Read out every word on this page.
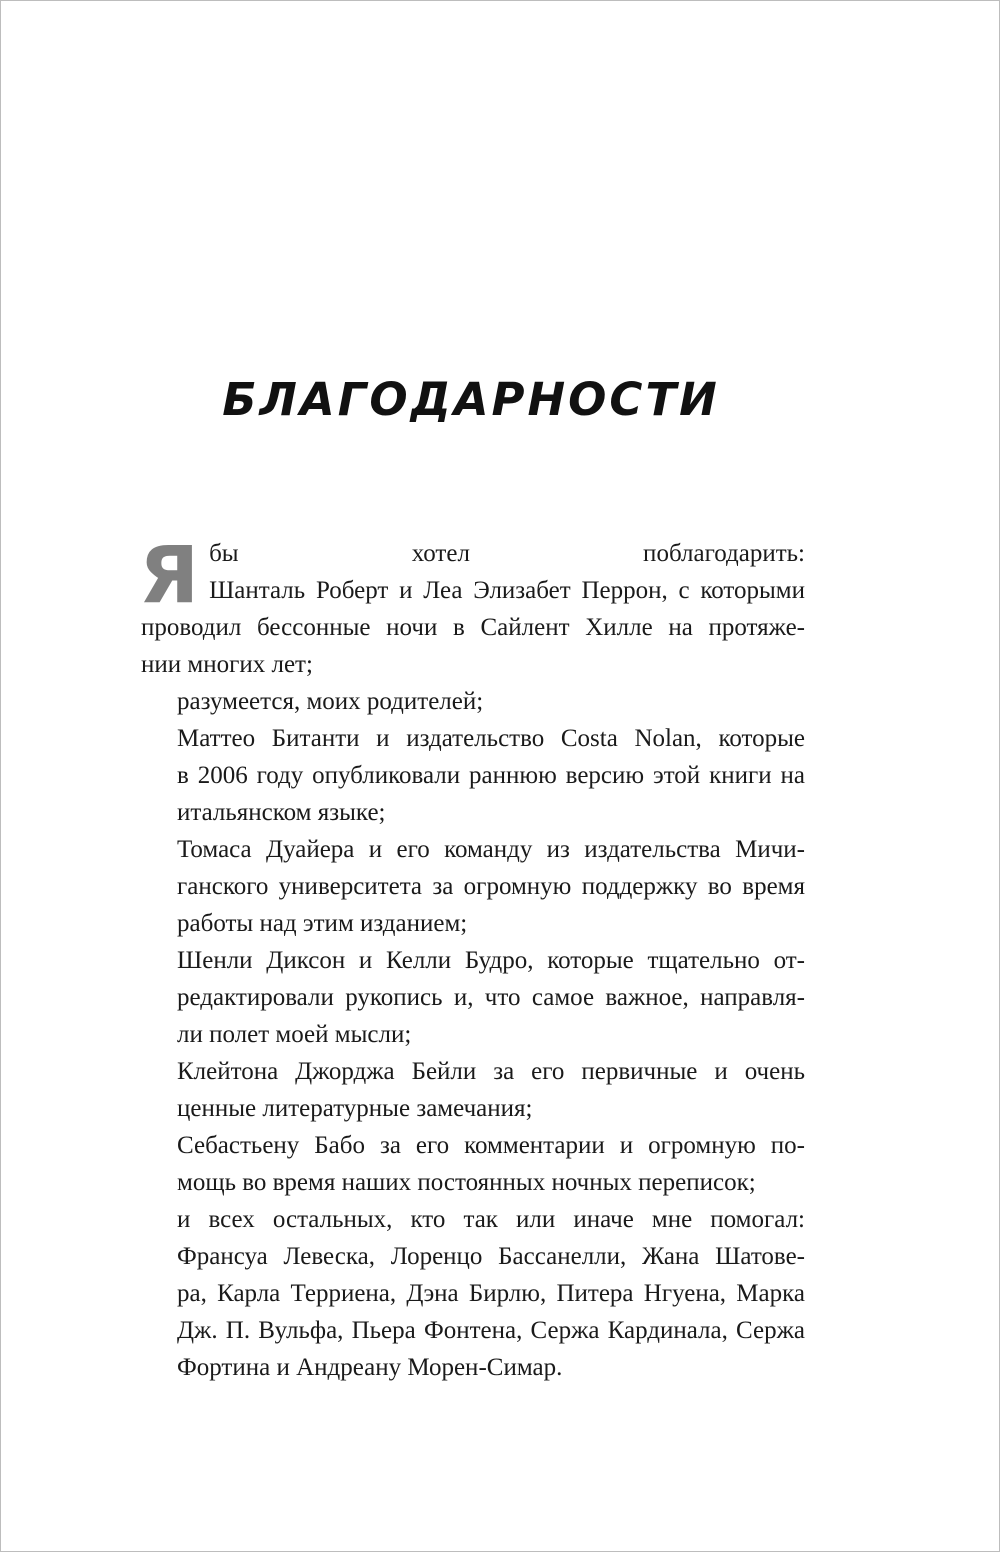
БЛАГОДАРНОСТИ

Я бы хотел поблагодарить:
Шанталь Роберт и Леа Элизабет Перрон, с которыми
проводил бессонные ночи в Сайлент Хилле на протяже-
нии многих лет;

разумеется, моих родителей;

Маттео Битанти и издательство Costa Nolan, которые
в 2006 году опубликовали раннюю версию этой книги на
итальянском языке;

Томаса Дуайера и его команду из издательства Мичи-
ганского университета за огромную поддержку во время
работы над этим изданием;

Шенли Диксон и Келли Будро, которые тщательно от-
редактировали рукопись и, что самое важное, направля-
ли полет моей мысли;

Клейтона Джорджа Бейли за его первичные и очень
ценные литературные замечания;

Себастьену Бабо за его комментарии и огромную по-
мощь во время наших постоянных ночных переписок;

и всех остальных, кто так или иначе мне помогал:
Франсуа Левеска, Лоренцо Бассанелли, Жана Шатове-
ра, Карла Терриена, Дэна Бирлю, Питера Нгуена, Марка
Дж. П. Вульфа, Пьера Фонтена, Сержа Кардинала, Сержа
Фортина и Андреану Морен-Симар.
